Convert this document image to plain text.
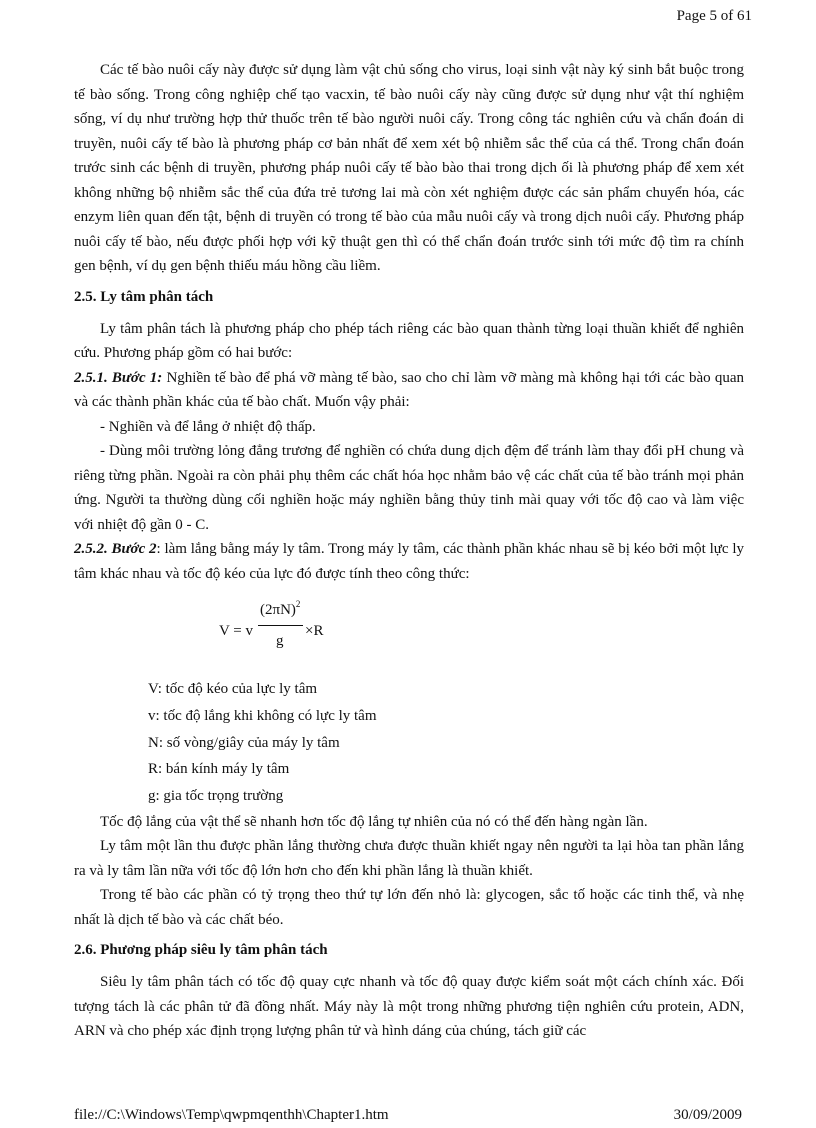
Page 5 of 61

Các tế bào nuôi cấy này được sử dụng làm vật chủ sống cho virus, loại sinh vật này ký sinh bắt buộc trong tế bào sống. Trong công nghiệp chế tạo vacxin, tế bào nuôi cấy này cũng được sử dụng như vật thí nghiệm sống, ví dụ như trường hợp thử thuốc trên tế bào người nuôi cấy. Trong công tác nghiên cứu và chẩn đoán di truyền, nuôi cấy tế bào là phương pháp cơ bản nhất để xem xét bộ nhiễm sắc thể của cá thể. Trong chẩn đoán trước sinh các bệnh di truyền, phương pháp nuôi cấy tế bào bào thai trong dịch ối là phương pháp để xem xét không những bộ nhiễm sắc thể của đứa trẻ tương lai mà còn xét nghiệm được các sản phẩm chuyển hóa, các enzym liên quan đến tật, bệnh di truyền có trong tế bào của mẫu nuôi cấy và trong dịch nuôi cấy. Phương pháp nuôi cấy tế bào, nếu được phối hợp với kỹ thuật gen thì có thể chẩn đoán trước sinh tới mức độ tìm ra chính gen bệnh, ví dụ gen bệnh thiếu máu hồng cầu liềm.

2.5. Ly tâm phân tách

Ly tâm phân tách là phương pháp cho phép tách riêng các bào quan thành từng loại thuần khiết để nghiên cứu. Phương pháp gồm có hai bước:

2.5.1. Bước 1: Nghiền tế bào để phá vỡ màng tế bào, sao cho chỉ làm vỡ màng mà không hại tới các bào quan và các thành phần khác của tế bào chất. Muốn vậy phải:

- Nghiền và để lắng ở nhiệt độ thấp.

- Dùng môi trường lỏng đẳng trương để nghiền có chứa dung dịch đệm để tránh làm thay đổi pH chung và riêng từng phần. Ngoài ra còn phải phụ thêm các chất hóa học nhằm bảo vệ các chất của tế bào tránh mọi phản ứng. Người ta thường dùng cối nghiền hoặc máy nghiền bằng thủy tinh mài quay với tốc độ cao và làm việc với nhiệt độ gần 0 - C.

2.5.2. Bước 2: làm lắng bằng máy ly tâm. Trong máy ly tâm, các thành phần khác nhau sẽ bị kéo bởi một lực ly tâm khác nhau và tốc độ kéo của lực đó được tính theo công thức:

V = v
$(2\pi N)^2$
g
×R
V: tốc độ kéo của lực ly tâm
v: tốc độ lắng khi không có lực ly tâm
N: số vòng/giây của máy ly tâm
R: bán kính máy ly tâm
g: gia tốc trọng trường

Tốc độ lắng của vật thể sẽ nhanh hơn tốc độ lắng tự nhiên của nó có thể đến hàng ngàn lần.

Ly tâm một lần thu được phần lắng thường chưa được thuần khiết ngay nên người ta lại hòa tan phần lắng ra và ly tâm lần nữa với tốc độ lớn hơn cho đến khi phần lắng là thuần khiết.

Trong tế bào các phần có tỷ trọng theo thứ tự lớn đến nhỏ là: glycogen, sắc tố hoặc các tinh thể, và nhẹ nhất là dịch tế bào và các chất béo.

2.6. Phương pháp siêu ly tâm phân tách

Siêu ly tâm phân tách có tốc độ quay cực nhanh và tốc độ quay được kiểm soát một cách chính xác. Đối tượng tách là các phân tử đã đồng nhất. Máy này là một trong những phương tiện nghiên cứu protein, ADN, ARN và cho phép xác định trọng lượng phân tử và hình dáng của chúng, tách giữ các

file://C:\Windows\Temp\qwpmqenthh\Chapter1.htm	30/09/2009
